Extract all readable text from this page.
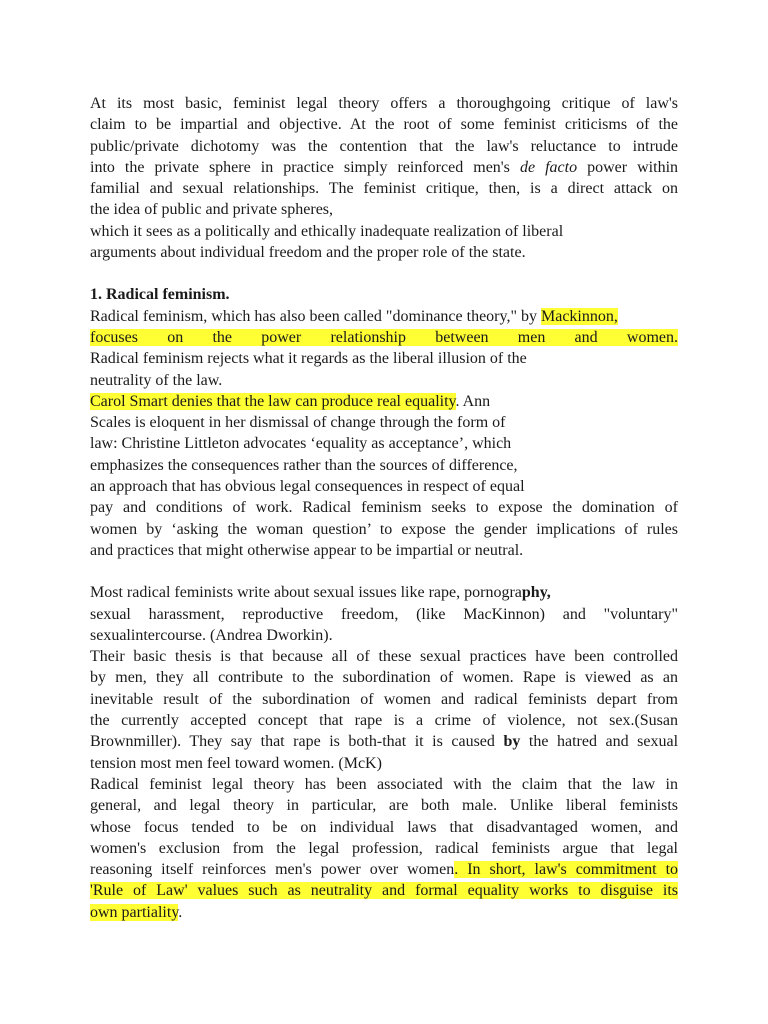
At its most basic, feminist legal theory offers a thoroughgoing critique of law's

claim to be impartial and objective. At the root of some feminist criticisms of the

public/private dichotomy was the contention that the law's reluctance to intrude

into the private sphere in practice simply reinforced men's de facto power within

familial and sexual relationships. The feminist critique, then, is a direct attack on

the idea of public and private spheres,

which it sees as a politically and ethically inadequate realization of liberal

arguments about individual freedom and the proper role of the state.

1. Radical feminism.

Radical feminism, which has also been called "dominance theory," by Mackinnon,

focuses on the power relationship between men and women.

Radical feminism rejects what it regards as the liberal illusion of the

neutrality of the law.

Carol Smart denies that the law can produce real equality. Ann

Scales is eloquent in her dismissal of change through the form of

law: Christine Littleton advocates ‘equality as acceptance’, which

emphasizes the consequences rather than the sources of difference,

an approach that has obvious legal consequences in respect of equal

pay and conditions of work. Radical feminism seeks to expose the domination of

women by ‘asking the woman question’ to expose the gender implications of rules

and practices that might otherwise appear to be impartial or neutral.

Most radical feminists write about sexual issues like rape, pornography,

sexual harassment, reproductive freedom, (like MacKinnon) and "voluntary"

sexualintercourse. (Andrea Dworkin).

Their basic thesis is that because all of these sexual practices have been controlled

by men, they all contribute to the subordination of women. Rape is viewed as an

inevitable result of the subordination of women and radical feminists depart from

the currently accepted concept that rape is a crime of violence, not sex.(Susan

Brownmiller). They say that rape is both-that it is caused by the hatred and sexual

tension most men feel toward women. (McK)

Radical feminist legal theory has been associated with the claim that the law in

general, and legal theory in particular, are both male. Unlike liberal feminists

whose focus tended to be on individual laws that disadvantaged women, and

women's exclusion from the legal profession, radical feminists argue that legal

reasoning itself reinforces men's power over women. In short, law's commitment to

'Rule of Law' values such as neutrality and formal equality works to disguise its

own partiality.
